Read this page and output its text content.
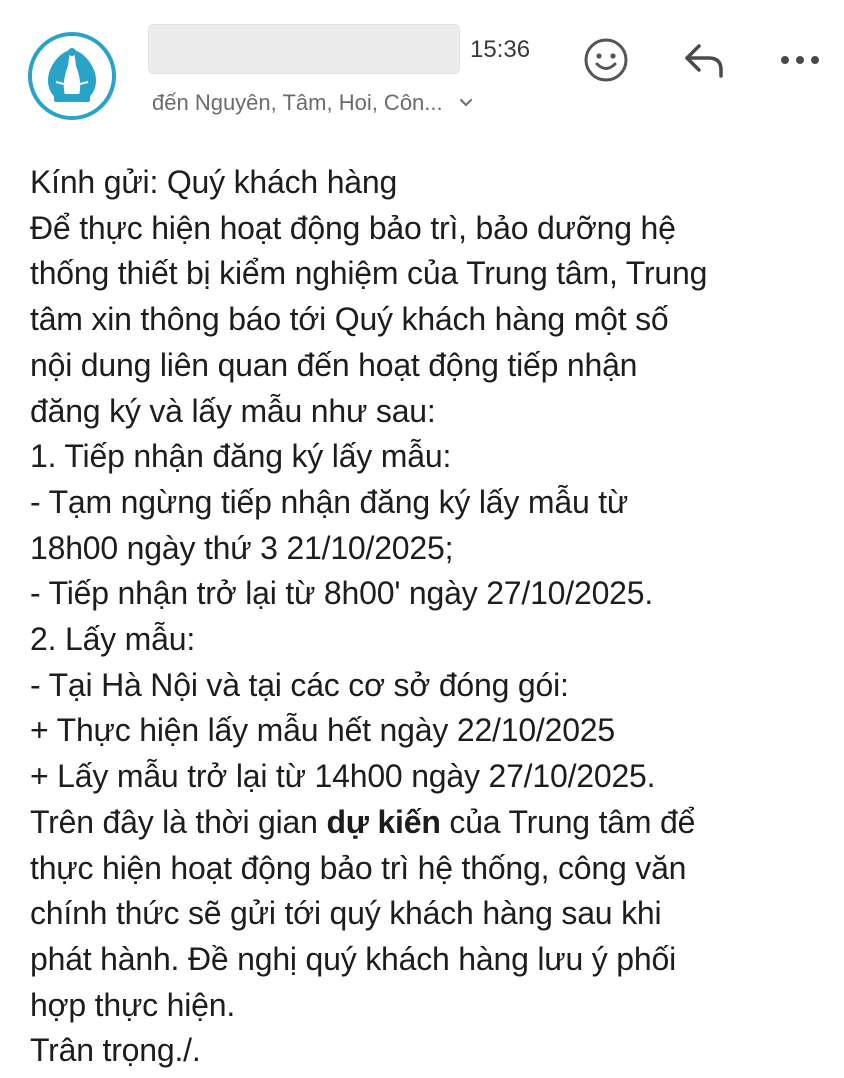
15:36
đến Nguyên, Tâm, Hoi, Côn...
Kính gửi: Quý khách hàng
Để thực hiện hoạt động bảo trì, bảo dưỡng hệ
thống thiết bị kiểm nghiệm của Trung tâm, Trung
tâm xin thông báo tới Quý khách hàng một số
nội dung liên quan đến hoạt động tiếp nhận
đăng ký và lấy mẫu như sau:
1. Tiếp nhận đăng ký lấy mẫu:
- Tạm ngừng tiếp nhận đăng ký lấy mẫu từ
18h00 ngày thứ 3 21/10/2025;
- Tiếp nhận trở lại từ 8h00' ngày 27/10/2025.
2. Lấy mẫu:
- Tại Hà Nội và tại các cơ sở đóng gói:
+ Thực hiện lấy mẫu hết ngày 22/10/2025
+ Lấy mẫu trở lại từ 14h00 ngày 27/10/2025.
Trên đây là thời gian dự kiến của Trung tâm để
thực hiện hoạt động bảo trì hệ thống, công văn
chính thức sẽ gửi tới quý khách hàng sau khi
phát hành. Đề nghị quý khách hàng lưu ý phối
hợp thực hiện.
Trân trọng./.
